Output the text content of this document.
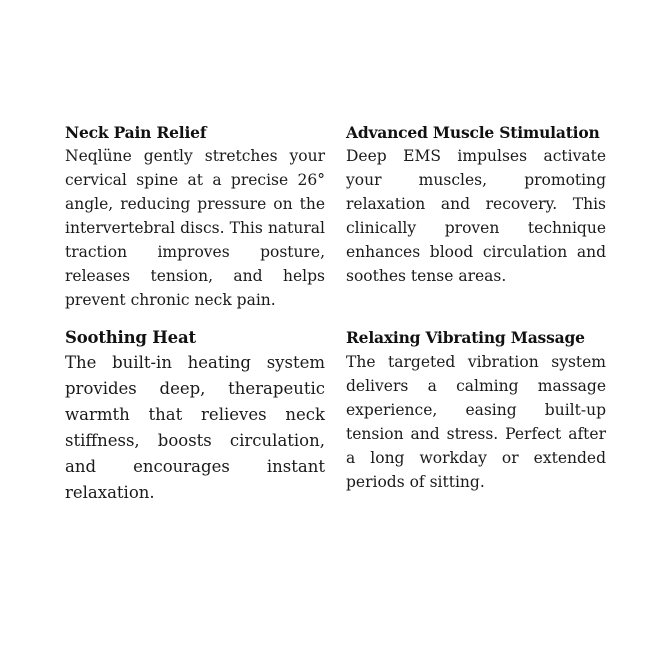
Neck Pain Relief

Neqlüne gently stretches your cervical spine at a precise 26° angle, reducing pressure on the intervertebral discs. This natural traction improves posture, releases tension, and helps prevent chronic neck pain.

Advanced Muscle Stimulation

Deep EMS impulses activate your muscles, promoting relaxation and recovery. This clinically proven technique enhances blood circulation and soothes tense areas.

Soothing Heat

The built-in heating system provides deep, therapeutic warmth that relieves neck stiffness, boosts circulation, and encourages instant relaxation.

Relaxing Vibrating Massage

The targeted vibration system delivers a calming massage experience, easing built-up tension and stress. Perfect after a long workday or extended periods of sitting.
